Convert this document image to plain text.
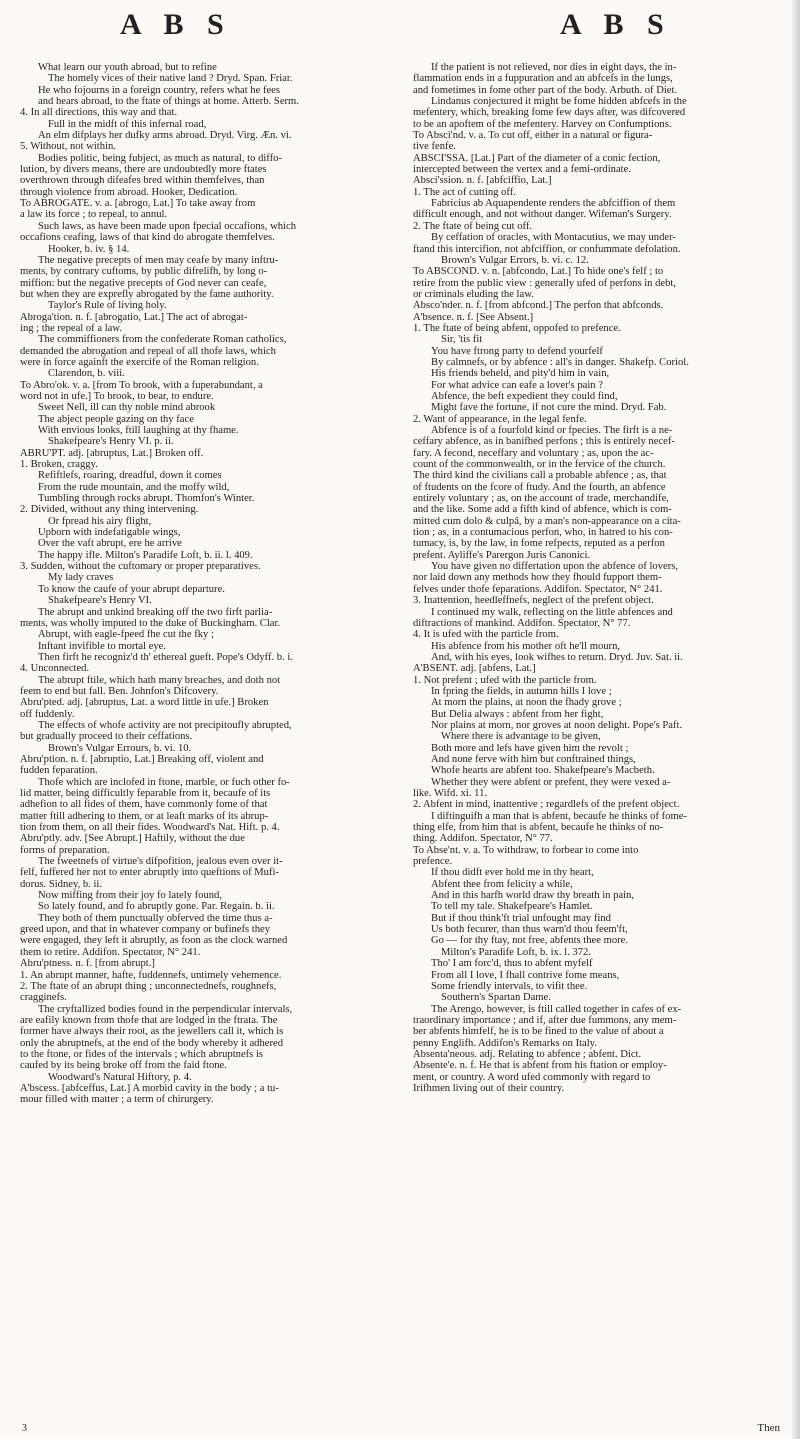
A B S	A B S

What learn our youth abroad, but to refine

The homely vices of their native land ? Dryd. Span. Friar.

He who fojourns in a foreign country, refers what he fees

and hears abroad, to the ftate of things at home. Atterb. Serm.

4. In all directions, this way and that.

Full in the midft of this infernal road,

An elm difplays her dufky arms abroad. Dryd. Virg. Æn. vi.

5. Without, not within.

Bodies politic, being fubject, as much as natural, to diffo-

lution, by divers means, there are undoubtedly more ftates

overthrown through difeafes bred within themfelves, than

through violence from abroad. Hooker, Dedication.

To ABROGATE. v. a. [abrogo, Lat.] To take away from

a law its force ; to repeal, to annul.

Such laws, as have been made upon fpecial occafions, which

occafions ceafing, laws of that kind do abrogate themfelves.

Hooker, b. iv. § 14.

The negative precepts of men may ceafe by many inftru-

ments, by contrary cuftoms, by public difrelifh, by long o-

miffion: but the negative precepts of God never can ceafe,

but when they are exprefly abrogated by the fame authority.

Taylor's Rule of living holy.

Abroga'tion. n. f. [abrogatio, Lat.] The act of abrogat-

ing ; the repeal of a law.

The commiffioners from the confederate Roman catholics,

demanded the abrogation and repeal of all thofe laws, which

were in force againft the exercife of the Roman religion.

Clarendon, b. viii.

To Abro'ok. v. a. [from To brook, with a fuperabundant, a

word not in ufe.] To brook, to bear, to endure.

Sweet Nell, ill can thy noble mind abrook

The abject people gazing on thy face

With envious looks, ftill laughing at thy fhame.

Shakefpeare's Henry VI. p. ii.

ABRU'PT. adj. [abruptus, Lat.] Broken off.

1. Broken, craggy.

Refiftlefs, roaring, dreadful, down it comes

From the rude mountain, and the moffy wild,

Tumbling through rocks abrupt. Thomfon's Winter.

2. Divided, without any thing intervening.

Or fpread his airy flight,

Upborn with indefatigable wings,

Over the vaft abrupt, ere he arrive

The happy ifle. Milton's Paradife Loft, b. ii. l. 409.

3. Sudden, without the cuftomary or proper preparatives.

My lady craves

To know the caufe of your abrupt departure.

Shakefpeare's Henry VI.

The abrupt and unkind breaking off the two firft parlia-

ments, was wholly imputed to the duke of Buckingham. Clar.

Abrupt, with eagle-fpeed fhe cut the fky ;

Inftant invifible to mortal eye.

Then firft he recogniz'd th' ethereal gueft. Pope's Odyff. b. i.

4. Unconnected.

The abrupt ftile, which hath many breaches, and doth not

feem to end but fall. Ben. Johnfon's Difcovery.

Abru'pted. adj. [abruptus, Lat. a word little in ufe.] Broken

off fuddenly.

The effects of whofe activity are not precipitoufly abrupted,

but gradually proceed to their ceffations.

Brown's Vulgar Errours, b. vi. 10.

Abru'ption. n. f. [abruptio, Lat.] Breaking off, violent and

fudden feparation.

Thofe which are inclofed in ftone, marble, or fuch other fo-

lid matter, being difficultly feparable from it, becaufe of its

adhefion to all fides of them, have commonly fome of that

matter ftill adhering to them, or at leaft marks of its abrup-

tion from them, on all their fides. Woodward's Nat. Hift. p. 4.

Abru'ptly. adv. [See Abrupt.] Haftily, without the due

forms of preparation.

The fweetnefs of virtue's difpofition, jealous even over it-

felf, fuffered her not to enter abruptly into queftions of Mufi-

dorus. Sidney, b. ii.

Now miffing from their joy fo lately found,

So lately found, and fo abruptly gone. Par. Regain. b. ii.

They both of them punctually obferved the time thus a-

greed upon, and that in whatever company or bufinefs they

were engaged, they left it abruptly, as foon as the clock warned

them to retire. Addifon. Spectator, N° 241.

Abru'ptness. n. f. [from abrupt.]

1. An abrupt manner, hafte, fuddennefs, untimely vehemence.

2. The ftate of an abrupt thing ; unconnectednefs, roughnefs,

cragginefs.

The cryftallized bodies found in the perpendicular intervals,

are eafily known from thofe that are lodged in the ftrata. The

former have always their root, as the jewellers call it, which is

only the abruptnefs, at the end of the body whereby it adhered

to the ftone, or fides of the intervals ; which abruptnefs is

caufed by its being broke off from the faid ftone.

Woodward's Natural Hiftory, p. 4.

A'bscess. [abfceffus, Lat.] A morbid cavity in the body ; a tu-

mour filled with matter ; a term of chirurgery.

If the patient is not relieved, nor dies in eight days, the in-

flammation ends in a fuppuration and an abfcefs in the lungs,

and fometimes in fome other part of the body. Arbuth. of Diet.

Lindanus conjectured it might be fome hidden abfcefs in the

mefentery, which, breaking fome few days after, was difcovered

to be an apoftem of the mefentery. Harvey on Confumptions.

To Absci'nd. v. a. To cut off, either in a natural or figura-

tive fenfe.

ABSCI'SSA. [Lat.] Part of the diameter of a conic fection,

intercepted between the vertex and a femi-ordinate.

Absci'ssion. n. f. [abfciffio, Lat.]

1. The act of cutting off.

Fabricius ab Aquapendente renders the abfciffion of them

difficult enough, and not without danger. Wifeman's Surgery.

2. The ftate of being cut off.

By ceffation of oracles, with Montacutius, we may under-

ftand this intercifion, not abfciffion, or confummate defolation.

Brown's Vulgar Errors, b. vi. c. 12.

To ABSCOND. v. n. [abfcondo, Lat.] To hide one's felf ; to

retire from the public view : generally ufed of perfons in debt,

or criminals eluding the law.

Absco'nder. n. f. [from abfcond.] The perfon that abfconds.

A'bsence. n. f. [See Absent.]

1. The ftate of being abfent, oppofed to prefence.

Sir, 'tis fit

You have ftrong party to defend yourfelf

By calmnefs, or by abfence : all's in danger. Shakefp. Coriol.

His friends beheld, and pity'd him in vain,

For what advice can eafe a lover's pain ?

Abfence, the beft expedient they could find,

Might fave the fortune, if not cure the mind. Dryd. Fab.

2. Want of appearance, in the legal fenfe.

Abfence is of a fourfold kind or fpecies. The firft is a ne-

ceffary abfence, as in banifhed perfons ; this is entirely necef-

fary. A fecond, neceffary and voluntary ; as, upon the ac-

count of the commonwealth, or in the fervice of the church.

The third kind the civilians call a probable abfence ; as, that

of ftudents on the fcore of ftudy. And the fourth, an abfence

entirely voluntary ; as, on the account of trade, merchandife,

and the like. Some add a fifth kind of abfence, which is com-

mitted cum dolo & culpâ, by a man's non-appearance on a cita-

tion ; as, in a contumacious perfon, who, in hatred to his con-

tumacy, is, by the law, in fome refpects, reputed as a perfon

prefent. Ayliffe's Parergon Juris Canonici.

You have given no differtation upon the abfence of lovers,

nor laid down any methods how they fhould fupport them-

felves under thofe feparations. Addifon. Spectator, N° 241.

3. Inattention, heedleffnefs, neglect of the prefent object.

I continued my walk, reflecting on the little abfences and

diftractions of mankind. Addifon. Spectator, N° 77.

4. It is ufed with the particle from.

His abfence from his mother oft he'll mourn,

And, with his eyes, look wifhes to return. Dryd. Juv. Sat. ii.

A'BSENT. adj. [abfens, Lat.]

1. Not prefent ; ufed with the particle from.

In fpring the fields, in autumn hills I love ;

At morn the plains, at noon the fhady grove ;

But Delia always : abfent from her fight,

Nor plains at morn, nor groves at noon delight. Pope's Paft.

Where there is advantage to be given,

Both more and lefs have given him the revolt ;

And none ferve with him but conftrained things,

Whofe hearts are abfent too. Shakefpeare's Macbeth.

Whether they were abfent or prefent, they were vexed a-

like. Wifd. xi. 11.

2. Abfent in mind, inattentive ; regardlefs of the prefent object.

I diftinguifh a man that is abfent, becaufe he thinks of fome-

thing elfe, from him that is abfent, becaufe he thinks of no-

thing. Addifon. Spectator, N° 77.

To Abse'nt. v. a. To withdraw, to forbear to come into

prefence.

If thou didft ever hold me in thy heart,

Abfent thee from felicity a while,

And in this harfh world draw thy breath in pain,

To tell my tale. Shakefpeare's Hamlet.

But if thou think'ft trial unfought may find

Us both fecurer, than thus warn'd thou feem'ft,

Go — for thy ftay, not free, abfents thee more.

Milton's Paradife Loft, b. ix. l. 372.

Tho' I am forc'd, thus to abfent myfelf

From all I love, I fhall contrive fome means,

Some friendly intervals, to vifit thee.

Southern's Spartan Dame.

The Arengo, however, is ftill called together in cafes of ex-

traordinary importance ; and if, after due fummons, any mem-

ber abfents himfelf, he is to be fined to the value of about a

penny Englifh. Addifon's Remarks on Italy.

Absenta'neous. adj. Relating to abfence ; abfent. Dict.

Absente'e. n. f. He that is abfent from his ftation or employ-

ment, or country. A word ufed commonly with regard to

Irifhmen living out of their country.

3	Then
